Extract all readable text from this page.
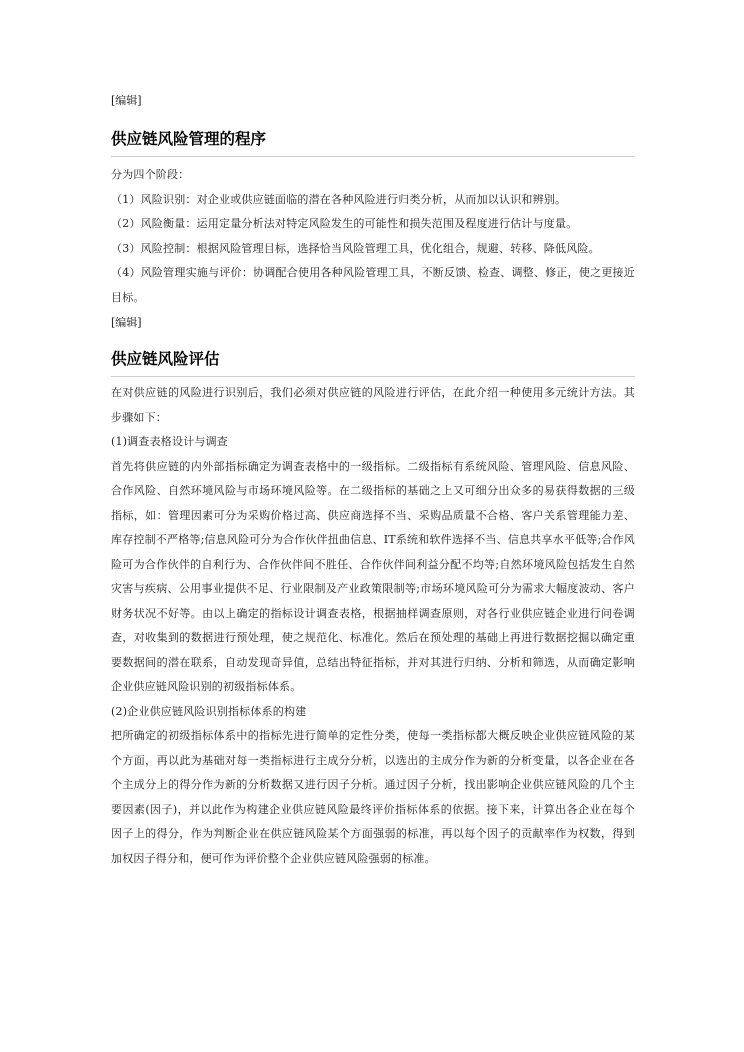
[编辑]

供应链风险管理的程序

分为四个阶段：

（1）风险识别：对企业或供应链面临的潜在各种风险进行归类分析，从而加以认识和辨别。

（2）风险衡量：运用定量分析法对特定风险发生的可能性和损失范围及程度进行估计与度量。

（3）风险控制：根据风险管理目标，选择恰当风险管理工具，优化组合，规避、转移、降低风险。

（4）风险管理实施与评价：协调配合使用各种风险管理工具，不断反馈、检查、调整、修正，使之更接近目标。

[编辑]

供应链风险评估

在对供应链的风险进行识别后，我们必须对供应链的风险进行评估，在此介绍一种使用多元统计方法。其步骤如下：

(1)调查表格设计与调查

首先将供应链的内外部指标确定为调查表格中的一级指标。二级指标有系统风险、管理风险、信息风险、合作风险、自然环境风险与市场环境风险等。在二级指标的基础之上又可细分出众多的易获得数据的三级指标，如：管理因素可分为采购价格过高、供应商选择不当、采购品质量不合格、客户关系管理能力差、库存控制不严格等;信息风险可分为合作伙伴扭曲信息、IT系统和软件选择不当、信息共享水平低等;合作风险可为合作伙伴的自利行为、合作伙伴间不胜任、合作伙伴间利益分配不均等;自然环境风险包括发生自然灾害与疾病、公用事业提供不足、行业限制及产业政策限制等;市场环境风险可分为需求大幅度波动、客户财务状况不好等。由以上确定的指标设计调查表格，根据抽样调查原则，对各行业供应链企业进行问卷调查，对收集到的数据进行预处理，使之规范化、标准化。然后在预处理的基础上再进行数据挖掘以确定重要数据间的潜在联系，自动发现奇异值，总结出特征指标，并对其进行归纳、分析和筛选，从而确定影响企业供应链风险识别的初级指标体系。

(2)企业供应链风险识别指标体系的构建

把所确定的初级指标体系中的指标先进行简单的定性分类，使每一类指标都大概反映企业供应链风险的某个方面，再以此为基础对每一类指标进行主成分分析，以选出的主成分作为新的分析变量，以各企业在各个主成分上的得分作为新的分析数据又进行因子分析。通过因子分析，找出影响企业供应链风险的几个主要因素(因子)，并以此作为构建企业供应链风险最终评价指标体系的依据。接下来，计算出各企业在每个因子上的得分，作为判断企业在供应链风险某个方面强弱的标准，再以每个因子的贡献率作为权数，得到加权因子得分和，便可作为评价整个企业供应链风险强弱的标准。
